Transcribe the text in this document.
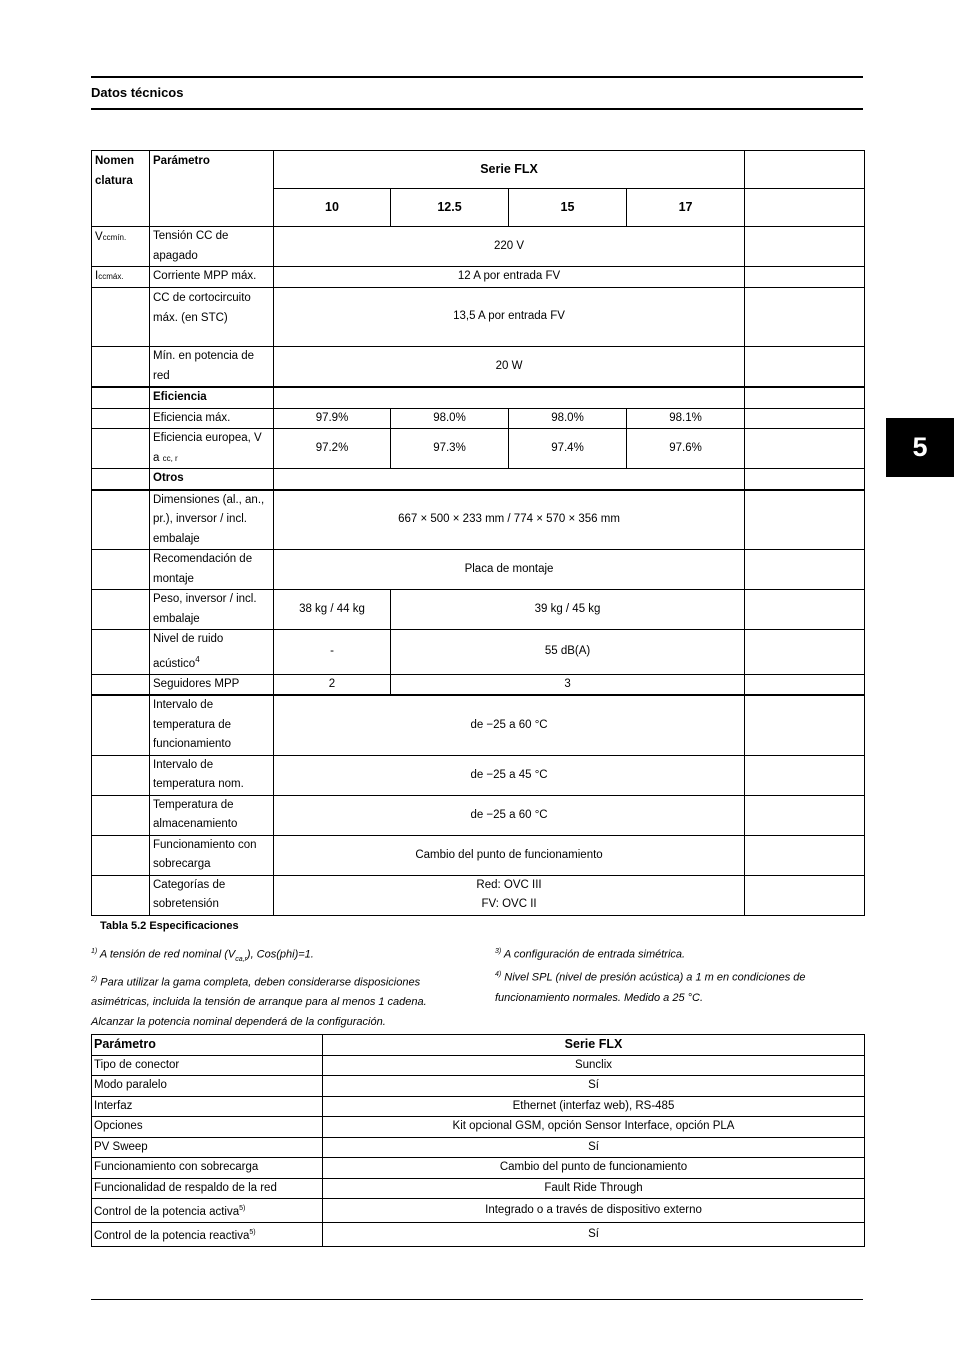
Datos técnicos
5
Nomen clatura	Parámetro	Serie FLX				
		10	12.5	15	17	
Vccmín.	Tensión CC de apagado	220 V				
Iccmáx.	Corriente MPP máx.	12 A por entrada FV				
	CC de cortocircuito máx. (en STC)	13,5 A por entrada FV				
	Mín. en potencia de red	20 W				
	Eficiencia					
	Eficiencia máx.	97.9%	98.0%	98.0%	98.1%	
	Eficiencia europea, V a cc, r	97.2%	97.3%	97.4%	97.6%	
	Otros					
	Dimensiones (al., an., pr.), inversor / incl. embalaje	667 × 500 × 233 mm / 774 × 570 × 356 mm				
	Recomendación de montaje	Placa de montaje				
	Peso, inversor / incl. embalaje	38 kg / 44 kg	39 kg / 45 kg			
	Nivel de ruido acústico$^4$	-	55 dB(A)			
	Seguidores MPP	2	3			
	Intervalo de temperatura de funcionamiento	de −25 a 60 °C				
	Intervalo de temperatura nom.	de −25 a 45 °C				
	Temperatura de almacenamiento	de −25 a 60 °C				
	Funcionamiento con sobrecarga	Cambio del punto de funcionamiento				
	Categorías de sobretensión	Red: OVC III
FV: OVC II				

Tabla 5.2 Especificaciones

$^{1)}$ A tensión de red nominal $(V_{ca,r})$, Cos(phi)=1.

$^{2)}$ Para utilizar la gama completa, deben considerarse disposiciones asimétricas, incluida la tensión de arranque para al menos 1 cadena. Alcanzar la potencia nominal dependerá de la configuración.

$^{3)}$ A configuración de entrada simétrica.

$^{4)}$ Nivel SPL (nivel de presión acústica) a 1 m en condiciones de funcionamiento normales. Medido a 25 °C.

Parámetro	Serie FLX
Tipo de conector	Sunclix
Modo paralelo	Sí
Interfaz	Ethernet (interfaz web), RS-485
Opciones	Kit opcional GSM, opción Sensor Interface, opción PLA
PV Sweep	Sí
Funcionamiento con sobrecarga	Cambio del punto de funcionamiento
Funcionalidad de respaldo de la red	Fault Ride Through
Control de la potencia activa$^{5)}$	Integrado o a través de dispositivo externo
Control de la potencia reactiva$^{5)}$	Sí
